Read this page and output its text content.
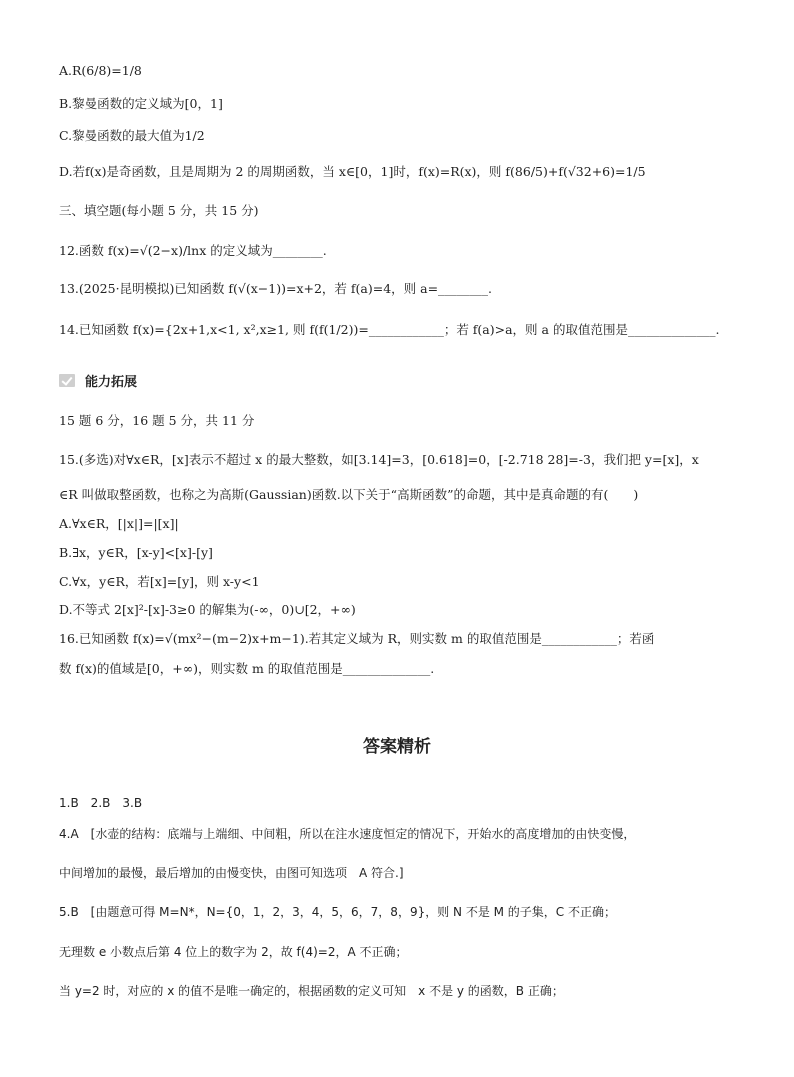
A.R(6/8)=1/8
B.黎曼函数的定义域为[0，1]
C.黎曼函数的最大值为1/2
D.若f(x)是奇函数，且是周期为 2 的周期函数，当 x∈[0，1]时，f(x)=R(x)，则 f(86/5)+f(√32+6)=1/5
三、填空题(每小题 5 分，共 15 分)
12.函数 f(x)=√(2−x)/lnx 的定义域为________.
13.(2025·昆明模拟)已知函数 f(√(x−1))=x+2，若 f(a)=4，则 a=________.
14.已知函数 f(x)={2x+1,x<1, x²,x≥1, 则 f(f(1/2))=____________；若 f(a)>a，则 a 的取值范围是______________.
能力拓展
15 题 6 分，16 题 5 分，共 11 分
15.(多选)对∀x∈R，[x]表示不超过 x 的最大整数，如[3.14]=3，[0.618]=0，[-2.718 28]=-3，我们把 y=[x]，x
∈R 叫做取整函数，也称之为高斯(Gaussian)函数.以下关于“高斯函数”的命题，其中是真命题的有(　　)
A.∀x∈R，[|x|]=|[x]|
B.∃x，y∈R，[x-y]<[x]-[y]
C.∀x，y∈R，若[x]=[y]，则 x-y<1
D.不等式 2[x]²-[x]-3≥0 的解集为(-∞，0)∪[2，+∞)
16.已知函数 f(x)=√(mx²−(m−2)x+m−1).若其定义域为 R，则实数 m 的取值范围是____________；若函
数 f(x)的值域是[0，+∞)，则实数 m 的取值范围是______________.
答案精析
1.B　2.B　3.B
4.A　[水壶的结构：底端与上端细、中间粗，所以在注水速度恒定的情况下，开始水的高度增加的由快变慢，
中间增加的最慢，最后增加的由慢变快，由图可知选项　A 符合.]
5.B　[由题意可得 M=N*，N={0，1，2，3，4，5，6，7，8，9}，则 N 不是 M 的子集，C 不正确；
无理数 e 小数点后第 4 位上的数字为 2，故 f(4)=2，A 不正确；
当 y=2 时，对应的 x 的值不是唯一确定的，根据函数的定义可知　x 不是 y 的函数，B 正确；
